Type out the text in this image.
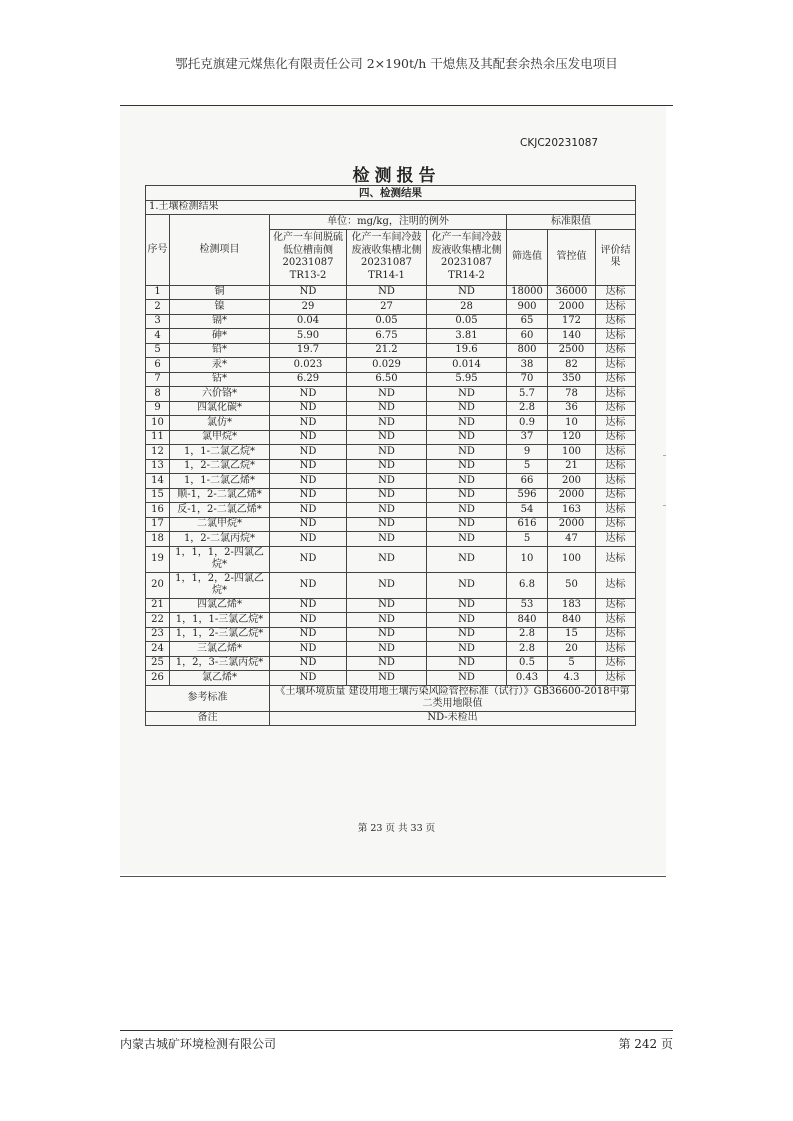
鄂托克旗建元煤焦化有限责任公司 2×190t/h 干熄焦及其配套余热余压发电项目
CKJC20231087
检测报告
四、检测结果							
1.土壤检测结果							
序号	检测项目	单位：mg/kg，注明的例外			标准限值		
		化产一车间脱硫低位槽南侧 20231087 TR13-2	化产一车间冷鼓废液收集槽北侧 20231087 TR14-1	化产一车间冷鼓废液收集槽北侧 20231087 TR14-2	筛选值	管控值	评价结果
1	铜	ND	ND	ND	18000	36000	达标
2	镍	29	27	28	900	2000	达标
3	镉*	0.04	0.05	0.05	65	172	达标
4	砷*	5.90	6.75	3.81	60	140	达标
5	铅*	19.7	21.2	19.6	800	2500	达标
6	汞*	0.023	0.029	0.014	38	82	达标
7	钴*	6.29	6.50	5.95	70	350	达标
8	六价铬*	ND	ND	ND	5.7	78	达标
9	四氯化碳*	ND	ND	ND	2.8	36	达标
10	氯仿*	ND	ND	ND	0.9	10	达标
11	氯甲烷*	ND	ND	ND	37	120	达标
12	1，1-二氯乙烷*	ND	ND	ND	9	100	达标
13	1，2-二氯乙烷*	ND	ND	ND	5	21	达标
14	1，1-二氯乙烯*	ND	ND	ND	66	200	达标
15	顺-1，2-二氯乙烯*	ND	ND	ND	596	2000	达标
16	反-1，2-二氯乙烯*	ND	ND	ND	54	163	达标
17	二氯甲烷*	ND	ND	ND	616	2000	达标
18	1，2-二氯丙烷*	ND	ND	ND	5	47	达标
19	1，1，1，2-四氯乙烷*	ND	ND	ND	10	100	达标
20	1，1，2，2-四氯乙烷*	ND	ND	ND	6.8	50	达标
21	四氯乙烯*	ND	ND	ND	53	183	达标
22	1，1，1-三氯乙烷*	ND	ND	ND	840	840	达标
23	1，1，2-三氯乙烷*	ND	ND	ND	2.8	15	达标
24	三氯乙烯*	ND	ND	ND	2.8	20	达标
25	1，2，3-三氯丙烷*	ND	ND	ND	0.5	5	达标
26	氯乙烯*	ND	ND	ND	0.43	4.3	达标
参考标准		《土壤环境质量 建设用地土壤污染风险管控标准（试行）》GB36600-2018中第二类用地限值					
备注		ND-未检出					
第 23 页 共 33 页
内蒙古城矿环境检测有限公司	第 242 页
